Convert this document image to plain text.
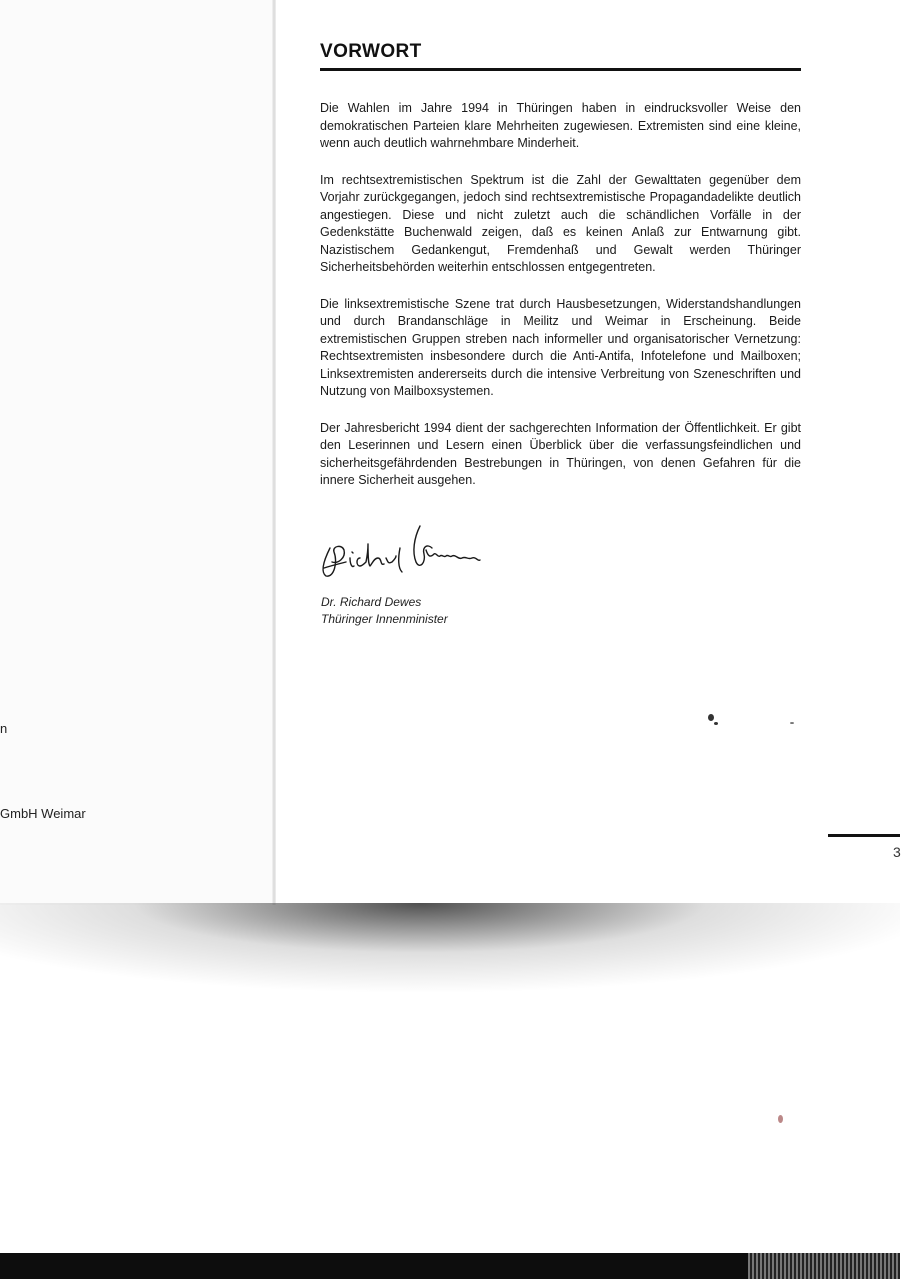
n
GmbH Weimar
VORWORT

Die Wahlen im Jahre 1994 in Thüringen haben in eindrucksvoller Weise den demokratischen Parteien klare Mehrheiten zugewiesen. Extremisten sind eine kleine, wenn auch deutlich wahrnehmbare Minderheit.

Im rechtsextremistischen Spektrum ist die Zahl der Gewalttaten gegenüber dem Vorjahr zurückgegangen, jedoch sind rechtsextremistische Propagandadelikte deutlich angestiegen. Diese und nicht zuletzt auch die schändlichen Vorfälle in der Gedenkstätte Buchenwald zeigen, daß es keinen Anlaß zur Entwarnung gibt. Nazistischem Gedankengut, Fremdenhaß und Gewalt werden Thüringer Sicherheitsbehörden weiterhin entschlossen entgegentreten.

Die linksextremistische Szene trat durch Hausbesetzungen, Widerstandshandlungen und durch Brandanschläge in Meilitz und Weimar in Erscheinung. Beide extremistischen Gruppen streben nach informeller und organisatorischer Vernetzung: Rechtsextremisten insbesondere durch die Anti-Antifa, Infotelefone und Mailboxen; Linksextremisten andererseits durch die intensive Verbreitung von Szeneschriften und Nutzung von Mailboxsystemen.

Der Jahresbericht 1994 dient der sachgerechten Information der Öffentlichkeit. Er gibt den Leserinnen und Lesern einen Überblick über die verfassungsfeindlichen und sicherheitsgefährdenden Bestrebungen in Thüringen, von denen Gefahren für die innere Sicherheit ausgehen.

Dr. Richard Dewes
Thüringer Innenminister
3
